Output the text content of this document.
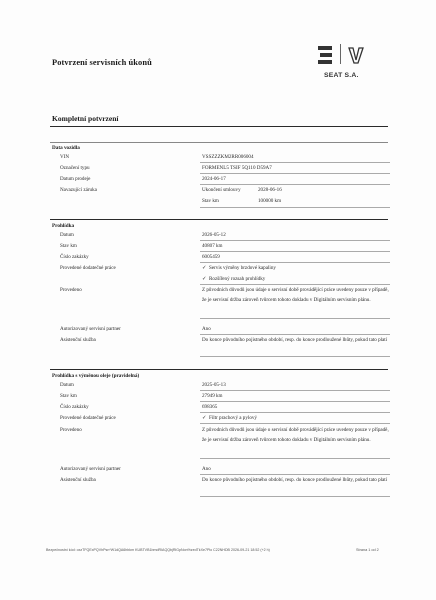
Potvrzení servisních úkonů
SEAT S.A.
Kompletní potvrzení
Data vozidla
VIN	VSSZZZKM2RR006004
Označení typu	FORMENL5 TSIF 5Q110 D59A7
Datum prodeje	2024-06-17
Navazující záruka	Ukončení smlouvy	2028-06-16
Stav km	100000 km
Prohlídka
Datum	2026-05-12
Stav km	40807 km
Číslo zakázky	6005459
Provedené dodatečné práce	✓ Servis výměny brzdové kapaliny
✓ Rozšířený rozsah prohlídky
Provedeno	Z původních důvodů jsou údaje o servisní době provádějící práce uvedeny pouze v případě, že je servisní držba zároveň tvůrcem tohoto dokladu v Digitálním servisním plánu.
Autorizovaný servisní partner	Ano
Asistenční služba	Do konce původního pojistného období, resp. do konce prodloužené lhůty, pokud tato platí
Prohlídka s výměnou oleje (pravidelná)
Datum	2025-05-13
Stav km	27949 km
Číslo zakázky	698365
Provedené dodatečné práce	✓ Filtr prachový a pylový
Provedeno	Z původních důvodů jsou údaje o servisní době provádějící práce uvedeny pouze v případě, že je servisní držba zároveň tvůrcem tohoto dokladu v Digitálním servisním plánu.
Autorizovaný servisní partner	Ano
Asistenční služba	Do konce původního pojistného období, resp. do konce prodloužené lhůty, pokud tato platí
Bezpečnostní kód: oxzTFQExPQVhPsn*W1dQA6hbkm KUBTVB1bmdRIAQQbjRlGpNon%zedTkXe7Plo C22NHDB 2026-09-21 18:52 (+2 h)	Strana 1 od 2
